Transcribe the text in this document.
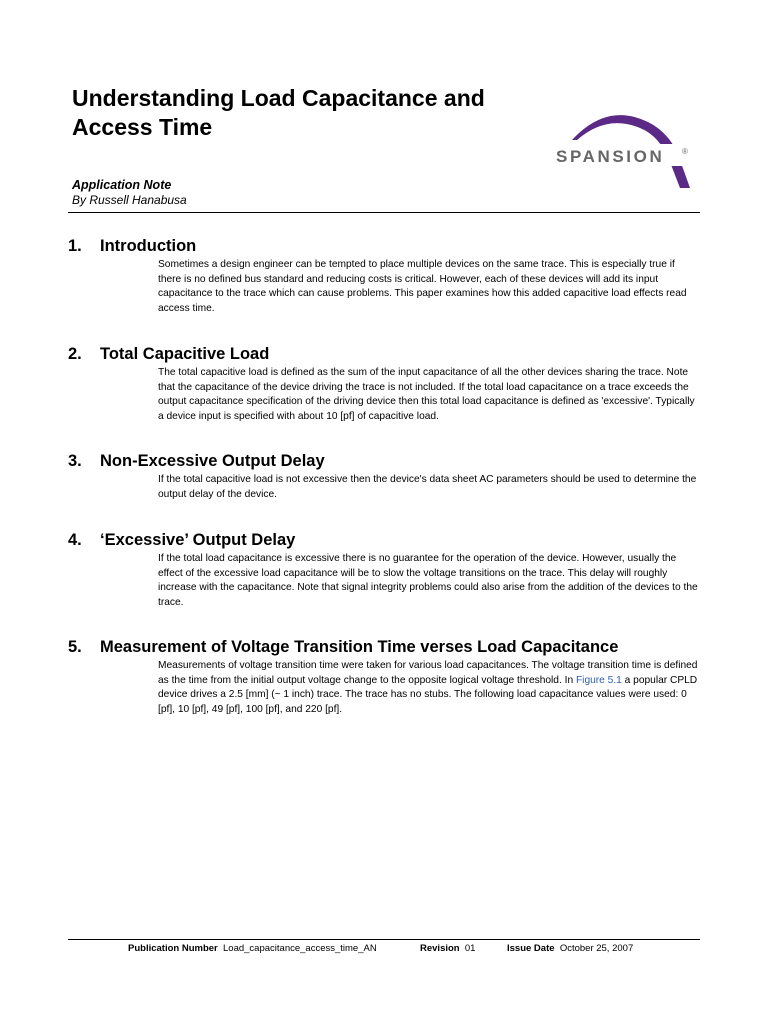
Understanding Load Capacitance and
Access Time
SPANSION ®
Application Note
By Russell Hanabusa
1. Introduction

Sometimes a design engineer can be tempted to place multiple devices on the same trace. This is especially true if there is no defined bus standard and reducing costs is critical. However, each of these devices will add its input capacitance to the trace which can cause problems. This paper examines how this added capacitive load effects read access time.

2. Total Capacitive Load

The total capacitive load is defined as the sum of the input capacitance of all the other devices sharing the trace. Note that the capacitance of the device driving the trace is not included. If the total load capacitance on a trace exceeds the output capacitance specification of the driving device then this total load capacitance is defined as 'excessive'. Typically a device input is specified with about 10 [pf] of capacitive load.

3. Non-Excessive Output Delay

If the total capacitive load is not excessive then the device's data sheet AC parameters should be used to determine the output delay of the device.

4. ‘Excessive’ Output Delay

If the total load capacitance is excessive there is no guarantee for the operation of the device. However, usually the effect of the excessive load capacitance will be to slow the voltage transitions on the trace. This delay will roughly increase with the capacitance. Note that signal integrity problems could also arise from the addition of the devices to the trace.

5. Measurement of Voltage Transition Time verses Load Capacitance

Measurements of voltage transition time were taken for various load capacitances. The voltage transition time is defined as the time from the initial output voltage change to the opposite logical voltage threshold. In Figure 5.1 a popular CPLD device drives a 2.5 [mm] (~ 1 inch) trace. The trace has no stubs. The following load capacitance values were used: 0 [pf], 10 [pf], 49 [pf], 100 [pf], and 220 [pf].

Publication Number Load_capacitance_access_time_AN	Revision 01	Issue Date October 25, 2007
